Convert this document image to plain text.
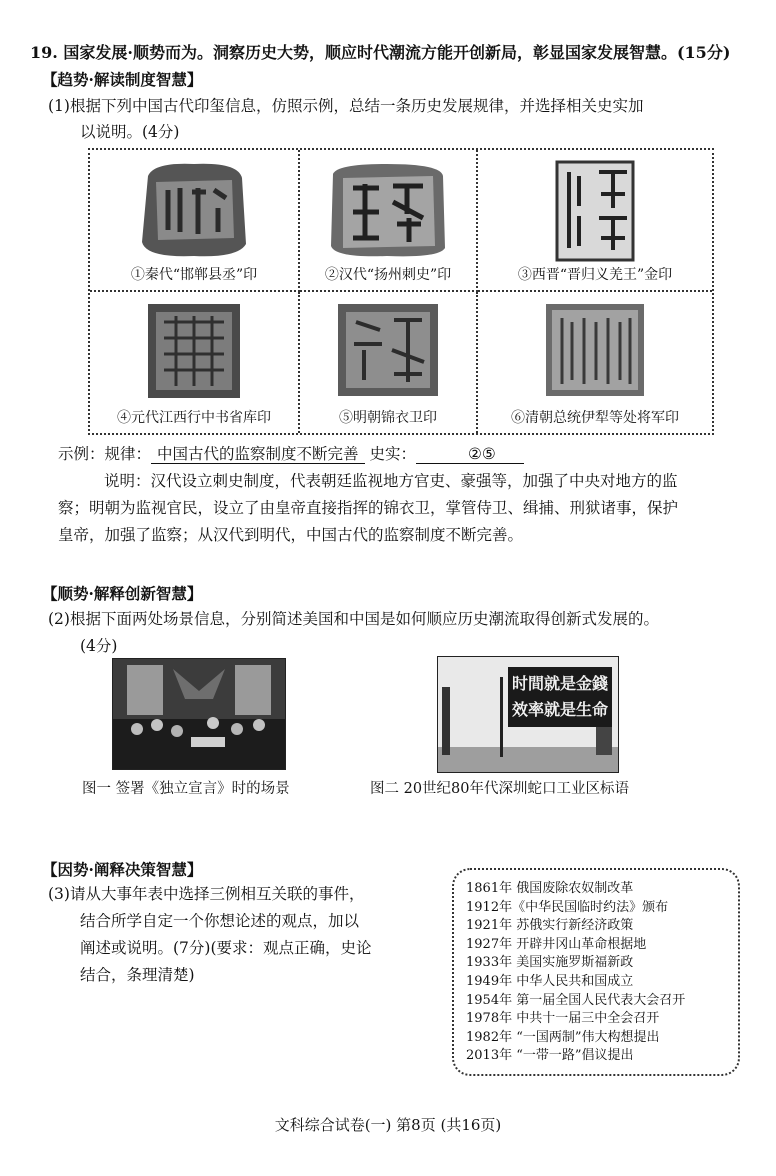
19. 国家发展·顺势而为。洞察历史大势，顺应时代潮流方能开创新局，彰显国家发展智慧。(15分)
【趋势·解读制度智慧】
(1)根据下列中国古代印玺信息，仿照示例，总结一条历史发展规律，并选择相关史实加
以说明。(4分)
①秦代“邯郸县丞”印	②汉代“扬州刺史”印	③西晋“晋归义羌王”金印
④元代江西行中书省库印	⑤明朝锦衣卫印	⑥清朝总统伊犁等处将军印
示例：规律： 中国古代的监察制度不断完善 史实：	②⑤
说明：汉代设立刺史制度，代表朝廷监视地方官吏、豪强等，加强了中央对地方的监
察；明朝为监视官民，设立了由皇帝直接指挥的锦衣卫，掌管侍卫、缉捕、刑狱诸事，保护
皇帝，加强了监察；从汉代到明代，中国古代的监察制度不断完善。
【顺势·解释创新智慧】
(2)根据下面两处场景信息，分别简述美国和中国是如何顺应历史潮流取得创新式发展的。
(4分)
时間就是金錢
效率就是生命
图一 签署《独立宣言》时的场景	图二 20世纪80年代深圳蛇口工业区标语
【因势·阐释决策智慧】
(3)请从大事年表中选择三例相互关联的事件，
结合所学自定一个你想论述的观点，加以
阐述或说明。(7分)(要求：观点正确，史论
结合，条理清楚)
1861年 俄国废除农奴制改革
1912年《中华民国临时约法》颁布
1921年 苏俄实行新经济政策
1927年 开辟井冈山革命根据地
1933年 美国实施罗斯福新政
1949年 中华人民共和国成立
1954年 第一届全国人民代表大会召开
1978年 中共十一届三中全会召开
1982年 “一国两制”伟大构想提出
2013年 “一带一路”倡议提出
文科综合试卷(一) 第8页 (共16页)
